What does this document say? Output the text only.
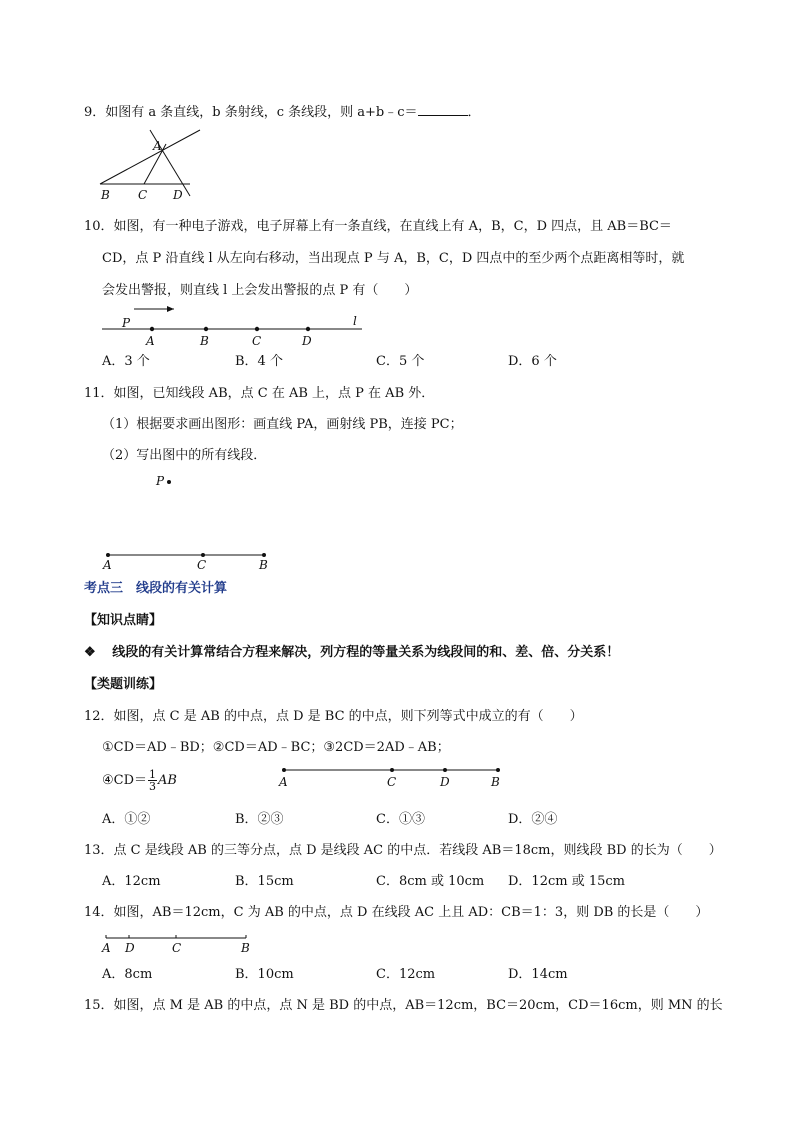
9．如图有 a 条直线，b 条射线，c 条线段，则 a+b﹣c＝	．
A
B C D
10．如图，有一种电子游戏，电子屏幕上有一条直线，在直线上有 A，B，C，D 四点，且 AB＝BC＝
CD，点 P 沿直线 l 从左向右移动，当出现点 P 与 A，B，C，D 四点中的至少两个点距离相等时，就
会发出警报，则直线 l 上会发出警报的点 P 有（　　）
P
A	B	C	D
l
A．3 个	B．4 个	C．5 个	D．6 个
11．如图，已知线段 AB，点 C 在 AB 上，点 P 在 AB 外．
（1）根据要求画出图形：画直线 PA，画射线 PB，连接 PC；
（2）写出图中的所有线段．
P
A	C	B
考点三　线段的有关计算
【知识点睛】
❖ 线段的有关计算常结合方程来解决，列方程的等量关系为线段间的和、差、倍、分关系！
【类题训练】
12．如图，点 C 是 AB 的中点，点 D 是 BC 的中点，则下列等式中成立的有（　　）
①CD＝AD﹣BD；②CD＝AD﹣BC；③2CD＝2AD﹣AB；
④CD＝ $\frac{1}{3}$ AB	A	C	D	B
A．①②	B．②③	C．①③	D．②④
13．点 C 是线段 AB 的三等分点，点 D 是线段 AC 的中点．若线段 AB＝18cm，则线段 BD 的长为（　　）
A．12cm	B．15cm	C．8cm 或 10cm D．12cm 或 15cm
14．如图，AB＝12cm，C 为 AB 的中点，点 D 在线段 AC 上且 AD：CB＝1：3，则 DB 的长是（　　）
A D	C	B
A．8cm	B．10cm	C．12cm	D．14cm
15．如图，点 M 是 AB 的中点，点 N 是 BD 的中点，AB＝12cm，BC＝20cm，CD＝16cm，则 MN 的长
